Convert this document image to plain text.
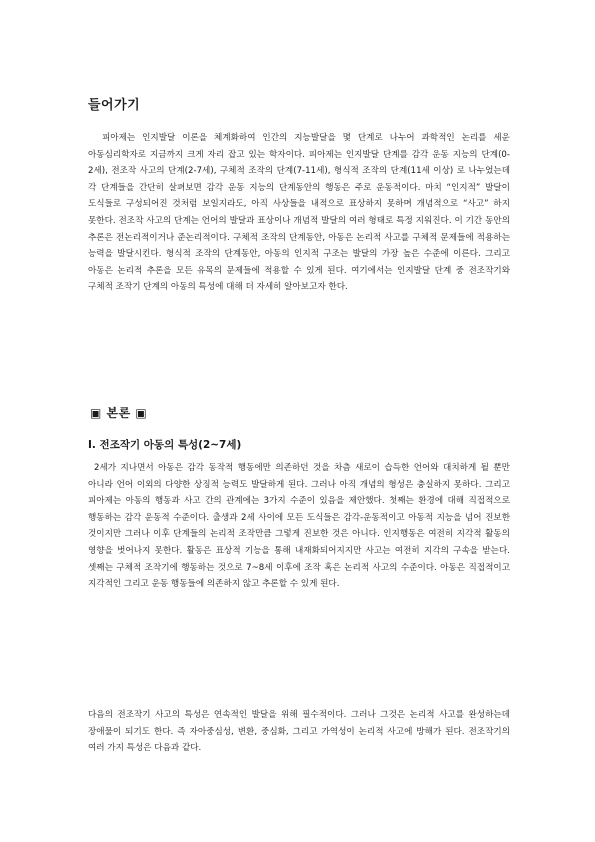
들어가기

피아제는 인지발달 이론을 체계화하여 인간의 지능발달을 몇 단계로 나누어 과학적인 논리를 세운 아동심리학자로 지금까지 크게 자리 잡고 있는 학자이다. 피아제는 인지발달 단계를 감각 운동 지능의 단계(0-2세), 전조작 사고의 단계(2-7세), 구체적 조작의 단계(7-11세), 형식적 조작의 단계(11세 이상) 로 나누었는데 각 단계들을 간단히 살펴보면 감각 운동 지능의 단계동안의 행동은 주로 운동적이다. 마치 “인지적” 발달이 도식들로 구성되어진 것처럼 보일지라도, 아직 사상들을 내적으로 표상하지 못하며 개념적으로 “사고” 하지 못한다. 전조작 사고의 단계는 언어의 발달과 표상이나 개념적 발달의 여러 형태로 특정 지워진다. 이 기간 동안의 추론은 전논리적이거나 준논리적이다. 구체적 조작의 단계동안, 아동은 논리적 사고를 구체적 문제들에 적용하는 능력을 발달시킨다. 형식적 조작의 단계동안, 아동의 인지적 구조는 발달의 가장 높은 수준에 이른다. 그리고 아동은 논리적 추론을 모든 유목의 문제들에 적용할 수 있게 된다. 여기에서는 인지발달 단계 중 전조작기와 구체적 조작기 단계의 아동의 특성에 대해 더 자세히 알아보고자 한다.

▣ 본론 ▣
Ⅰ. 전조작기 아동의 특성(2~7세)

2세가 지나면서 아동은 감각 동작적 행동에만 의존하던 것을 차츰 새로이 습득한 언어와 대치하게 될 뿐만 아니라 언어 이외의 다양한 상징적 능력도 발달하게 된다. 그러나 아직 개념의 형성은 충실하지 못하다. 그리고 피아제는 아동의 행동과 사고 간의 관계에는 3가지 수준이 있음을 제안했다. 첫째는 환경에 대해 직접적으로 행동하는 감각 운동적 수준이다. 출생과 2세 사이에 모든 도식들은 감각-운동적이고 아동적 지능을 넘어 진보한 것이지만 그러나 이후 단계들의 논리적 조작만큼 그렇게 진보한 것은 아니다. 인지행동은 여전히 지각적 활동의 영향을 벗어나지 못한다. 활동은 표상적 기능을 통해 내재화되어지지만 사고는 여전히 지각의 구속을 받는다. 셋째는 구체적 조작기에 행동하는 것으로 7~8세 이후에 조작 혹은 논리적 사고의 수준이다. 아동은 직접적이고 지각적인 그리고 운동 행동들에 의존하지 않고 추론할 수 있게 된다.

다음의 전조작기 사고의 특성은 연속적인 발달을 위해 필수적이다. 그러나 그것은 논리적 사고를 완성하는데 장애물이 되기도 한다. 즉 자아중심성, 변환, 중심화, 그리고 가역성이 논리적 사고에 방해가 된다. 전조작기의 여러 가지 특성은 다음과 같다.
